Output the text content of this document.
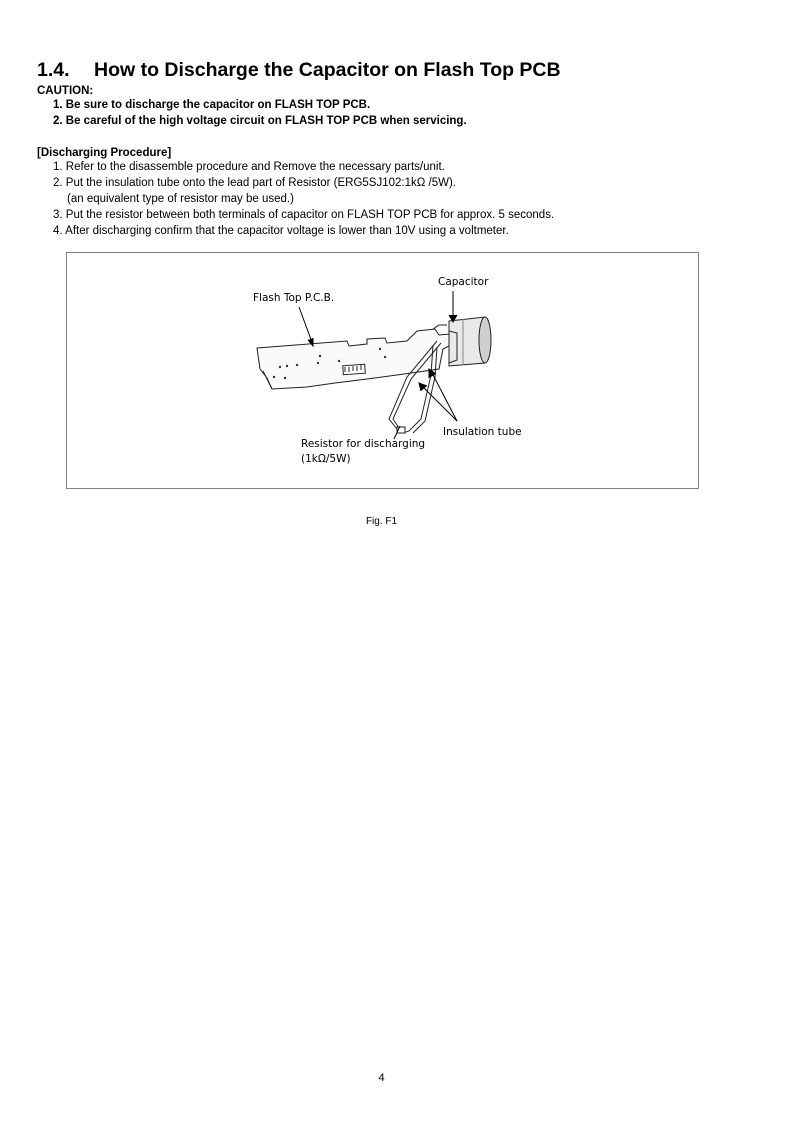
1.4. How to Discharge the Capacitor on Flash Top PCB
CAUTION:
1. Be sure to discharge the capacitor on FLASH TOP PCB.
2. Be careful of the high voltage circuit on FLASH TOP PCB when servicing.
[Discharging Procedure]
1. Refer to the disassemble procedure and Remove the necessary parts/unit.
2. Put the insulation tube onto the lead part of Resistor (ERG5SJ102:1kΩ /5W).
(an equivalent type of resistor may be used.)
3. Put the resistor between both terminals of capacitor on FLASH TOP PCB for approx. 5 seconds.
4. After discharging confirm that the capacitor voltage is lower than 10V using a voltmeter.
Capacitor
Flash Top P.C.B.
Insulation tube
Resistor for discharging
(1kΩ/5W)
Fig. F1
4
